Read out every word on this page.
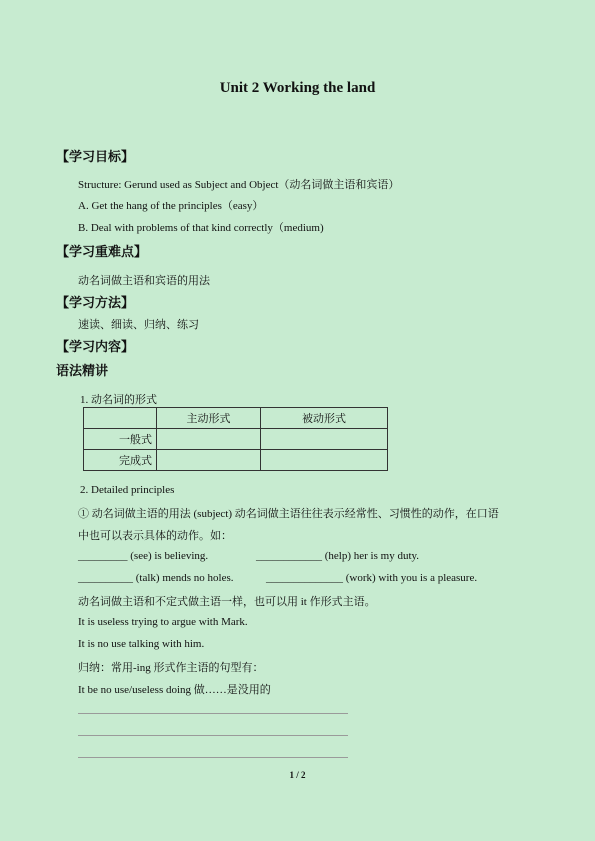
Unit 2 Working the land
【学习目标】
Structure: Gerund used as Subject and Object（动名词做主语和宾语）
A. Get the hang of the principles（easy）
B. Deal with problems of that kind correctly（medium)
【学习重难点】
动名词做主语和宾语的用法
【学习方法】
速读、细读、归纳、练习
【学习内容】
语法精讲
1. 动名词的形式
	主动形式	被动形式
一般式		
完成式		
2. Detailed principles
① 动名词做主语的用法 (subject) 动名词做主语往往表示经常性、习惯性的动作，在口语
中也可以表示具体的动作。如：
_________ (see) is believing.	____________ (help) her is my duty.
__________ (talk) mends no holes.	______________ (work) with you is a pleasure.
动名词做主语和不定式做主语一样，也可以用 it 作形式主语。
It is useless trying to argue with Mark.
It is no use talking with him.
归纳：常用-ing 形式作主语的句型有：
It be no use/useless doing 做……是没用的
1 / 2
